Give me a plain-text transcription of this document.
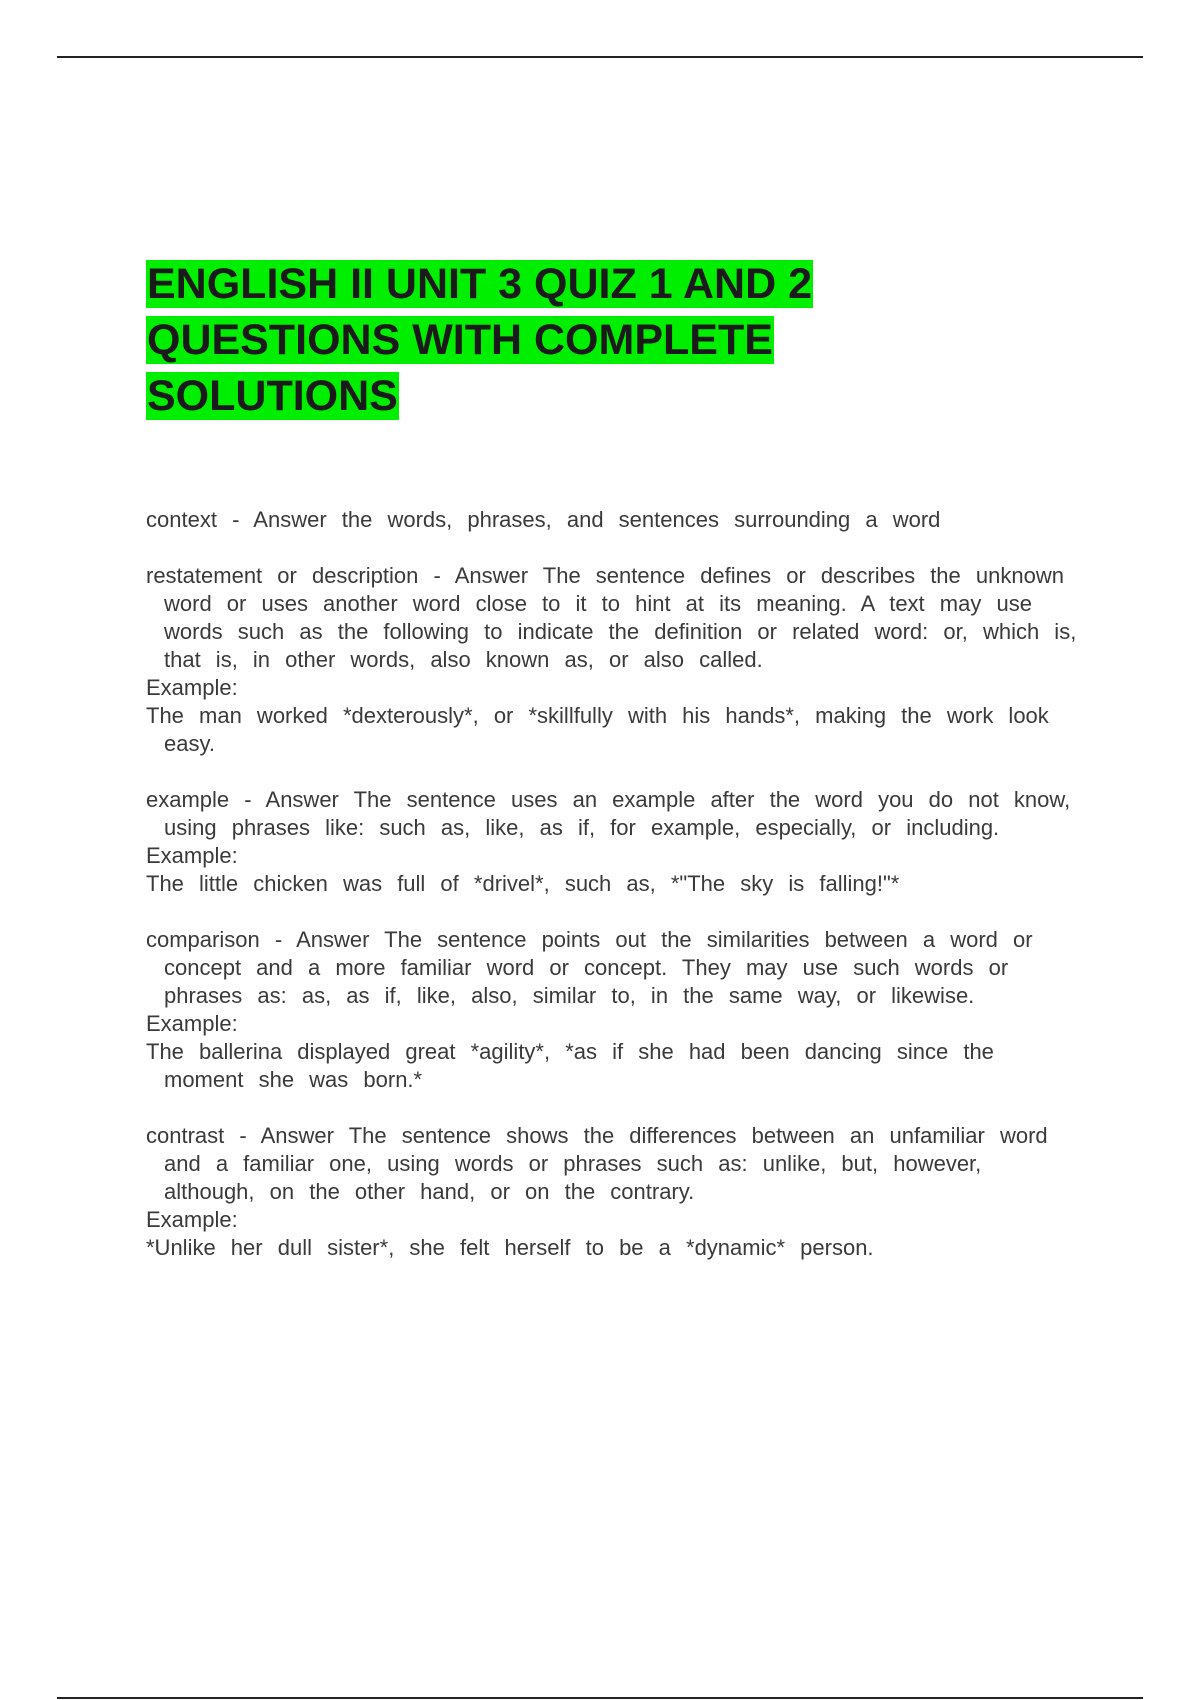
ENGLISH II UNIT 3 QUIZ 1 AND 2
QUESTIONS WITH COMPLETE
SOLUTIONS

context - Answer the words, phrases, and sentences surrounding a word

restatement or description - Answer The sentence defines or describes the unknown word or uses another word close to it to hint at its meaning. A text may use words such as the following to indicate the definition or related word: or, which is, that is, in other words, also known as, or also called.

Example:

The man worked *dexterously*, or *skillfully with his hands*, making the work look easy.

example - Answer The sentence uses an example after the word you do not know, using phrases like: such as, like, as if, for example, especially, or including.

Example:

The little chicken was full of *drivel*, such as, *"The sky is falling!"*

comparison - Answer The sentence points out the similarities between a word or concept and a more familiar word or concept. They may use such words or phrases as: as, as if, like, also, similar to, in the same way, or likewise.

Example:

The ballerina displayed great *agility*, *as if she had been dancing since the moment she was born.*

contrast - Answer The sentence shows the differences between an unfamiliar word and a familiar one, using words or phrases such as: unlike, but, however, although, on the other hand, or on the contrary.

Example:

*Unlike her dull sister*, she felt herself to be a *dynamic* person.
